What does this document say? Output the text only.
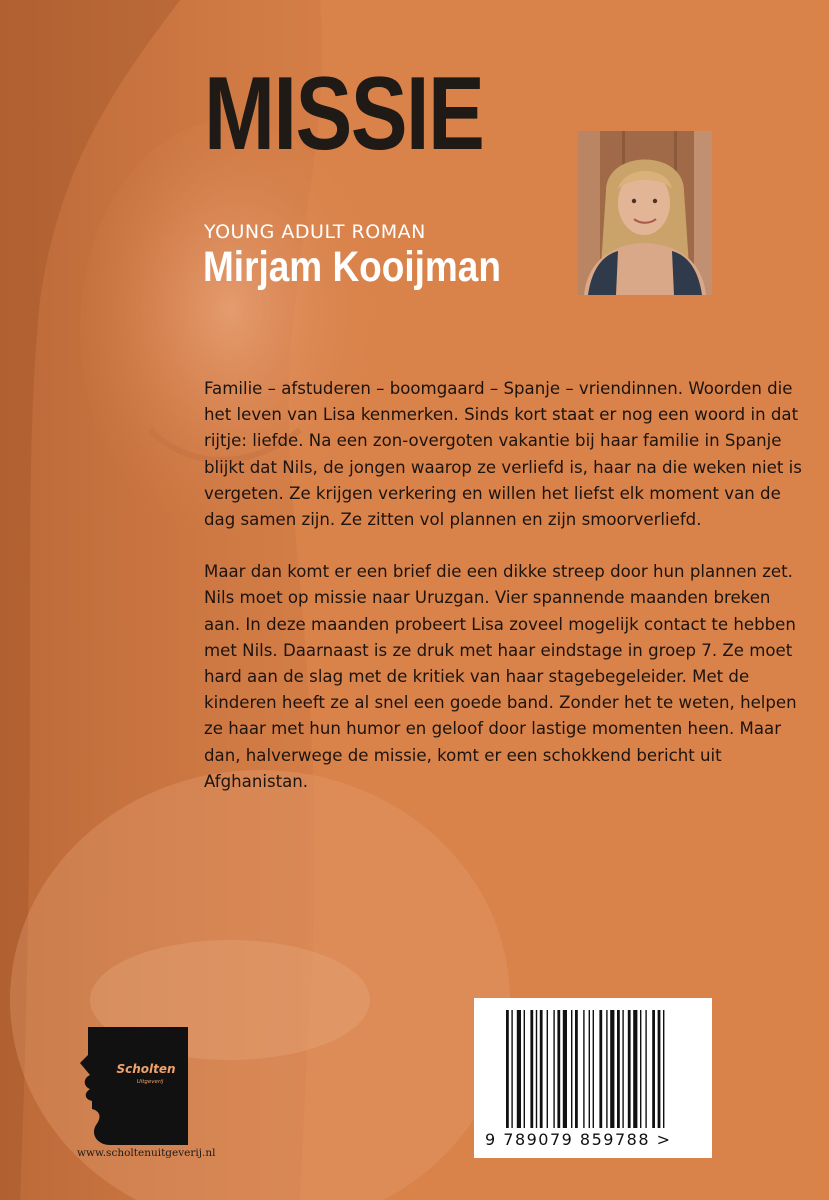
MISSIE
YOUNG ADULT ROMAN
Mirjam Kooijman

Familie – afstuderen – boomgaard – Spanje – vriendinnen. Woorden die het leven van Lisa kenmerken. Sinds kort staat er nog een woord in dat rijtje: liefde. Na een zon-overgoten vakantie bij haar familie in Spanje blijkt dat Nils, de jongen waarop ze verliefd is, haar na die weken niet is vergeten. Ze krijgen verkering en willen het liefst elk moment van de dag samen zijn. Ze zitten vol plannen en zijn smoorverliefd.

Maar dan komt er een brief die een dikke streep door hun plannen zet. Nils moet op missie naar Uruzgan. Vier spannende maanden breken aan. In deze maanden probeert Lisa zoveel mogelijk contact te hebben met Nils. Daarnaast is ze druk met haar eindstage in groep 7. Ze moet hard aan de slag met de kritiek van haar stagebegeleider. Met de kinderen heeft ze al snel een goede band. Zonder het te weten, helpen ze haar met hun humor en geloof door lastige momenten heen. Maar dan, halverwege de missie, komt er een schokkend bericht uit Afghanistan.

Scholten
Uitgeverij
www.scholtenuitgeverij.nl
9 789079 859788 >
